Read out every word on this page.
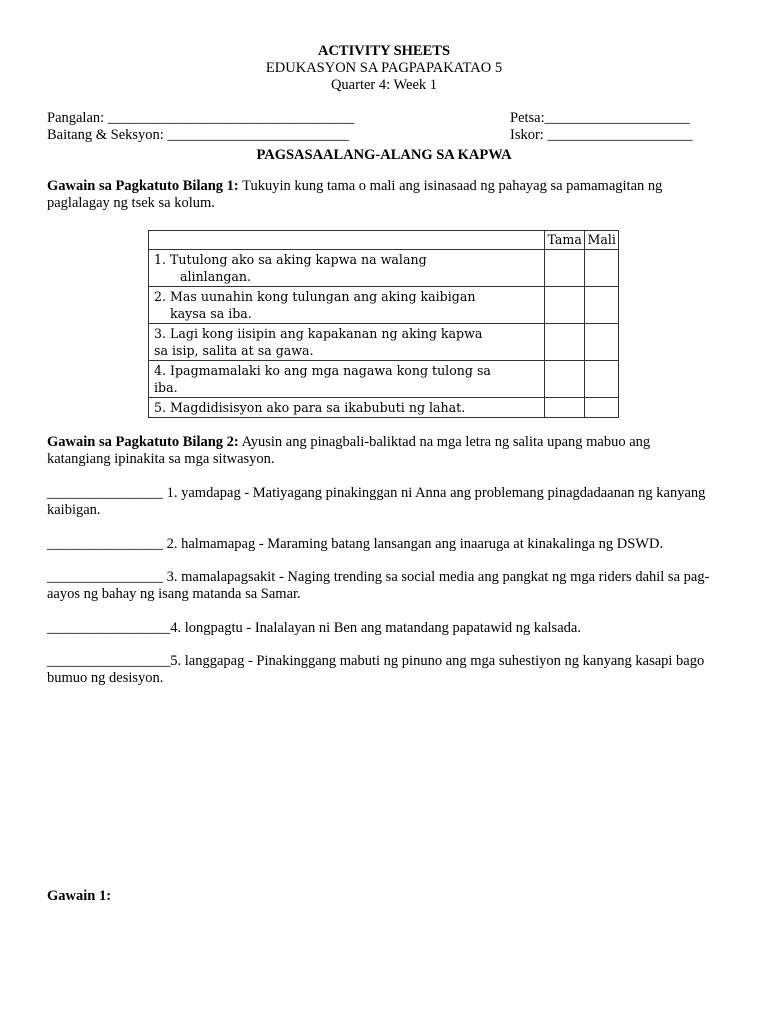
ACTIVITY SHEETS
EDUKASYON SA PAGPAPAKATAO 5
Quarter 4: Week 1
Pangalan: __________________________________	Petsa:____________________
Baitang & Seksyon: _________________________	Iskor: ____________________
PAGSASAALANG-ALANG SA KAPWA
Gawain sa Pagkatuto Bilang 1: Tukuyin kung tama o mali ang isinasaad ng pahayag sa pamamagitan ng paglalagay ng tsek sa kolum.
	Tama	Mali

1. Tutulong ako sa aking kapwa na walang
alinlangan.		

2. Mas uunahin kong tulungan ang aking kaibigan
kaysa sa iba.		

3. Lagi kong iisipin ang kapakanan ng aking kapwa
sa isip, salita at sa gawa.		

4. Ipagmamalaki ko ang mga nagawa kong tulong sa
iba.		

5. Magdidisisyon ako para sa ikabubuti ng lahat.		

Gawain sa Pagkatuto Bilang 2: Ayusin ang pinagbali-baliktad na mga letra ng salita upang mabuo ang katangiang ipinakita sa mga sitwasyon.
________________ 1. yamdapag - Matiyagang pinakinggan ni Anna ang problemang pinagdadaanan ng kanyang kaibigan.
________________ 2. halmamapag - Maraming batang lansangan ang inaaruga at kinakalinga ng DSWD.
________________ 3. mamalapagsakit - Naging trending sa social media ang pangkat ng mga riders dahil sa pag-aayos ng bahay ng isang matanda sa Samar.
_________________4. longpagtu - Inalalayan ni Ben ang matandang papatawid ng kalsada.
_________________5. langgapag - Pinakinggang mabuti ng pinuno ang mga suhestiyon ng kanyang kasapi bago bumuo ng desisyon.
Gawain 1:
